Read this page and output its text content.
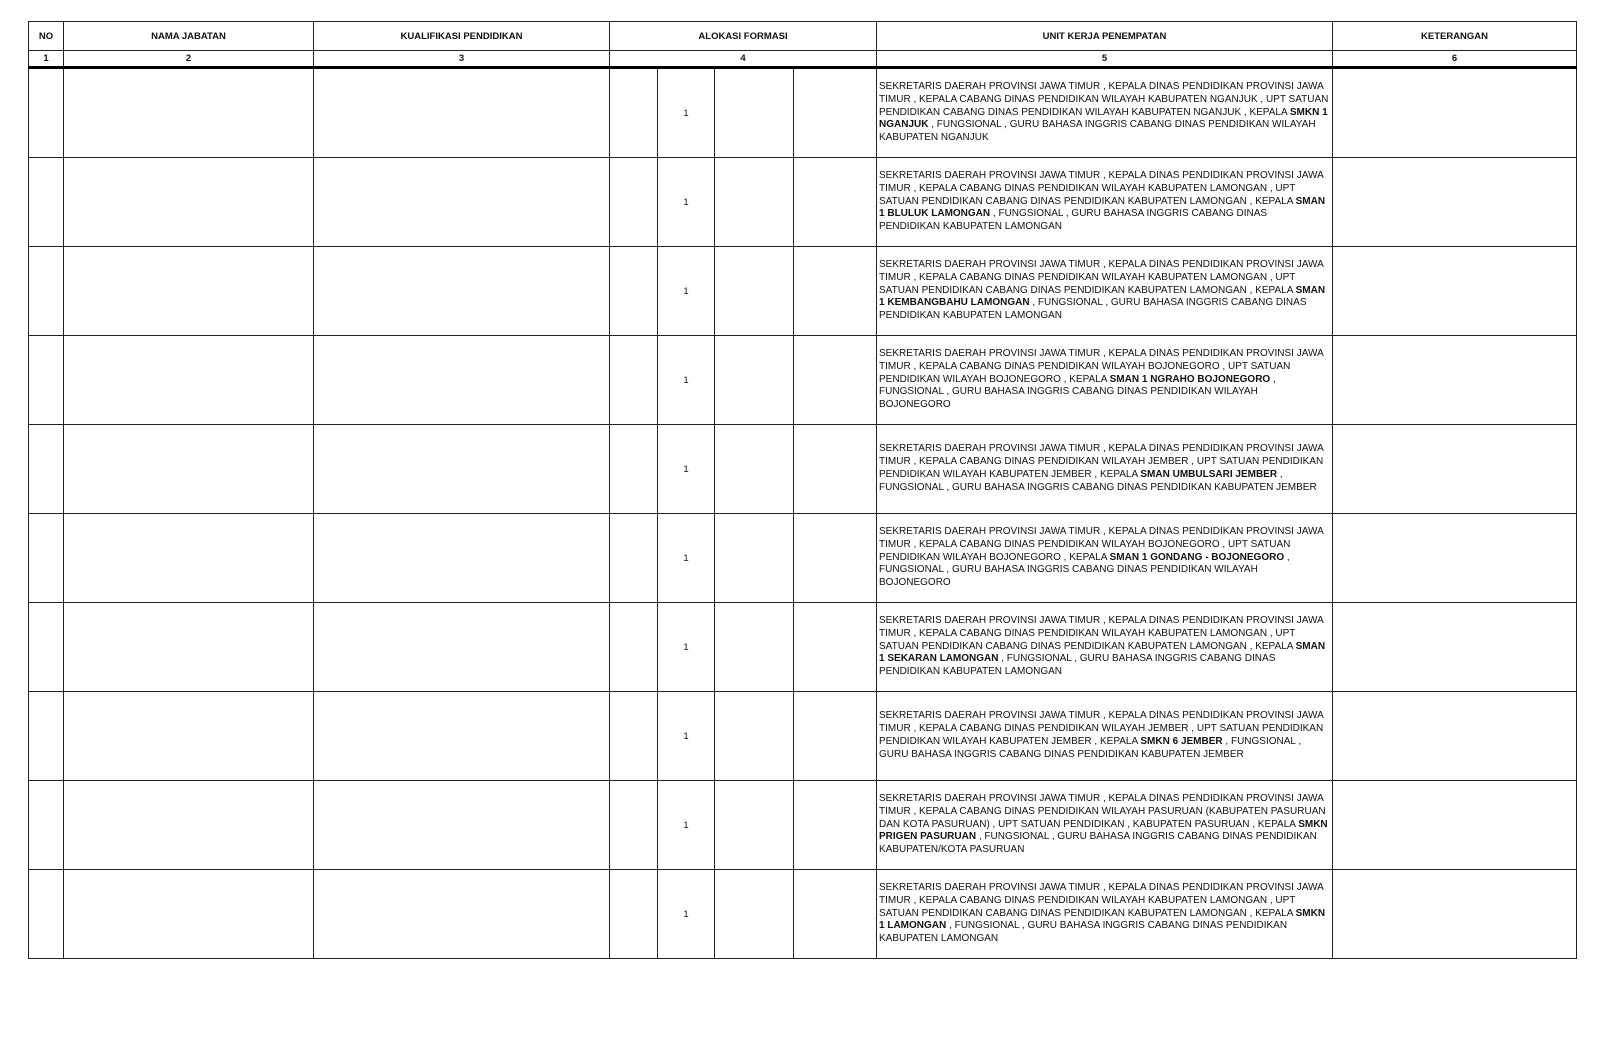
NO	NAMA JABATAN	KUALIFIKASI PENDIDIKAN	ALOKASI FORMASI				UNIT KERJA PENEMPATAN	KETERANGAN
1	2	3	4				5	6
				1			SEKRETARIS DAERAH PROVINSI JAWA TIMUR , KEPALA DINAS PENDIDIKAN PROVINSI JAWA TIMUR , KEPALA CABANG DINAS PENDIDIKAN WILAYAH KABUPATEN NGANJUK , UPT SATUAN PENDIDIKAN CABANG DINAS PENDIDIKAN WILAYAH KABUPATEN NGANJUK , KEPALA SMKN 1 NGANJUK , FUNGSIONAL , GURU BAHASA INGGRIS CABANG DINAS PENDIDIKAN WILAYAH KABUPATEN NGANJUK	
				1			SEKRETARIS DAERAH PROVINSI JAWA TIMUR , KEPALA DINAS PENDIDIKAN PROVINSI JAWA TIMUR , KEPALA CABANG DINAS PENDIDIKAN WILAYAH KABUPATEN LAMONGAN , UPT SATUAN PENDIDIKAN CABANG DINAS PENDIDIKAN KABUPATEN LAMONGAN , KEPALA SMAN 1 BLULUK LAMONGAN , FUNGSIONAL , GURU BAHASA INGGRIS CABANG DINAS PENDIDIKAN KABUPATEN LAMONGAN	
				1			SEKRETARIS DAERAH PROVINSI JAWA TIMUR , KEPALA DINAS PENDIDIKAN PROVINSI JAWA TIMUR , KEPALA CABANG DINAS PENDIDIKAN WILAYAH KABUPATEN LAMONGAN , UPT SATUAN PENDIDIKAN CABANG DINAS PENDIDIKAN KABUPATEN LAMONGAN , KEPALA SMAN 1 KEMBANGBAHU LAMONGAN , FUNGSIONAL , GURU BAHASA INGGRIS CABANG DINAS PENDIDIKAN KABUPATEN LAMONGAN	
				1			SEKRETARIS DAERAH PROVINSI JAWA TIMUR , KEPALA DINAS PENDIDIKAN PROVINSI JAWA TIMUR , KEPALA CABANG DINAS PENDIDIKAN WILAYAH BOJONEGORO , UPT SATUAN PENDIDIKAN WILAYAH BOJONEGORO , KEPALA SMAN 1 NGRAHO BOJONEGORO , FUNGSIONAL , GURU BAHASA INGGRIS CABANG DINAS PENDIDIKAN WILAYAH BOJONEGORO	
				1			SEKRETARIS DAERAH PROVINSI JAWA TIMUR , KEPALA DINAS PENDIDIKAN PROVINSI JAWA TIMUR , KEPALA CABANG DINAS PENDIDIKAN WILAYAH JEMBER , UPT SATUAN PENDIDIKAN PENDIDIKAN WILAYAH KABUPATEN JEMBER , KEPALA SMAN UMBULSARI JEMBER , FUNGSIONAL , GURU BAHASA INGGRIS CABANG DINAS PENDIDIKAN KABUPATEN JEMBER	
				1			SEKRETARIS DAERAH PROVINSI JAWA TIMUR , KEPALA DINAS PENDIDIKAN PROVINSI JAWA TIMUR , KEPALA CABANG DINAS PENDIDIKAN WILAYAH BOJONEGORO , UPT SATUAN PENDIDIKAN WILAYAH BOJONEGORO , KEPALA SMAN 1 GONDANG - BOJONEGORO , FUNGSIONAL , GURU BAHASA INGGRIS CABANG DINAS PENDIDIKAN WILAYAH BOJONEGORO	
				1			SEKRETARIS DAERAH PROVINSI JAWA TIMUR , KEPALA DINAS PENDIDIKAN PROVINSI JAWA TIMUR , KEPALA CABANG DINAS PENDIDIKAN WILAYAH KABUPATEN LAMONGAN , UPT SATUAN PENDIDIKAN CABANG DINAS PENDIDIKAN KABUPATEN LAMONGAN , KEPALA SMAN 1 SEKARAN LAMONGAN , FUNGSIONAL , GURU BAHASA INGGRIS CABANG DINAS PENDIDIKAN KABUPATEN LAMONGAN	
				1			SEKRETARIS DAERAH PROVINSI JAWA TIMUR , KEPALA DINAS PENDIDIKAN PROVINSI JAWA TIMUR , KEPALA CABANG DINAS PENDIDIKAN WILAYAH JEMBER , UPT SATUAN PENDIDIKAN PENDIDIKAN WILAYAH KABUPATEN JEMBER , KEPALA SMKN 6 JEMBER , FUNGSIONAL , GURU BAHASA INGGRIS CABANG DINAS PENDIDIKAN KABUPATEN JEMBER	
				1			SEKRETARIS DAERAH PROVINSI JAWA TIMUR , KEPALA DINAS PENDIDIKAN PROVINSI JAWA TIMUR , KEPALA CABANG DINAS PENDIDIKAN WILAYAH PASURUAN (KABUPATEN PASURUAN DAN KOTA PASURUAN) , UPT SATUAN PENDIDIKAN , KABUPATEN PASURUAN , KEPALA SMKN PRIGEN PASURUAN , FUNGSIONAL , GURU BAHASA INGGRIS CABANG DINAS PENDIDIKAN KABUPATEN/KOTA PASURUAN	
				1			SEKRETARIS DAERAH PROVINSI JAWA TIMUR , KEPALA DINAS PENDIDIKAN PROVINSI JAWA TIMUR , KEPALA CABANG DINAS PENDIDIKAN WILAYAH KABUPATEN LAMONGAN , UPT SATUAN PENDIDIKAN CABANG DINAS PENDIDIKAN KABUPATEN LAMONGAN , KEPALA SMKN 1 LAMONGAN , FUNGSIONAL , GURU BAHASA INGGRIS CABANG DINAS PENDIDIKAN KABUPATEN LAMONGAN	
